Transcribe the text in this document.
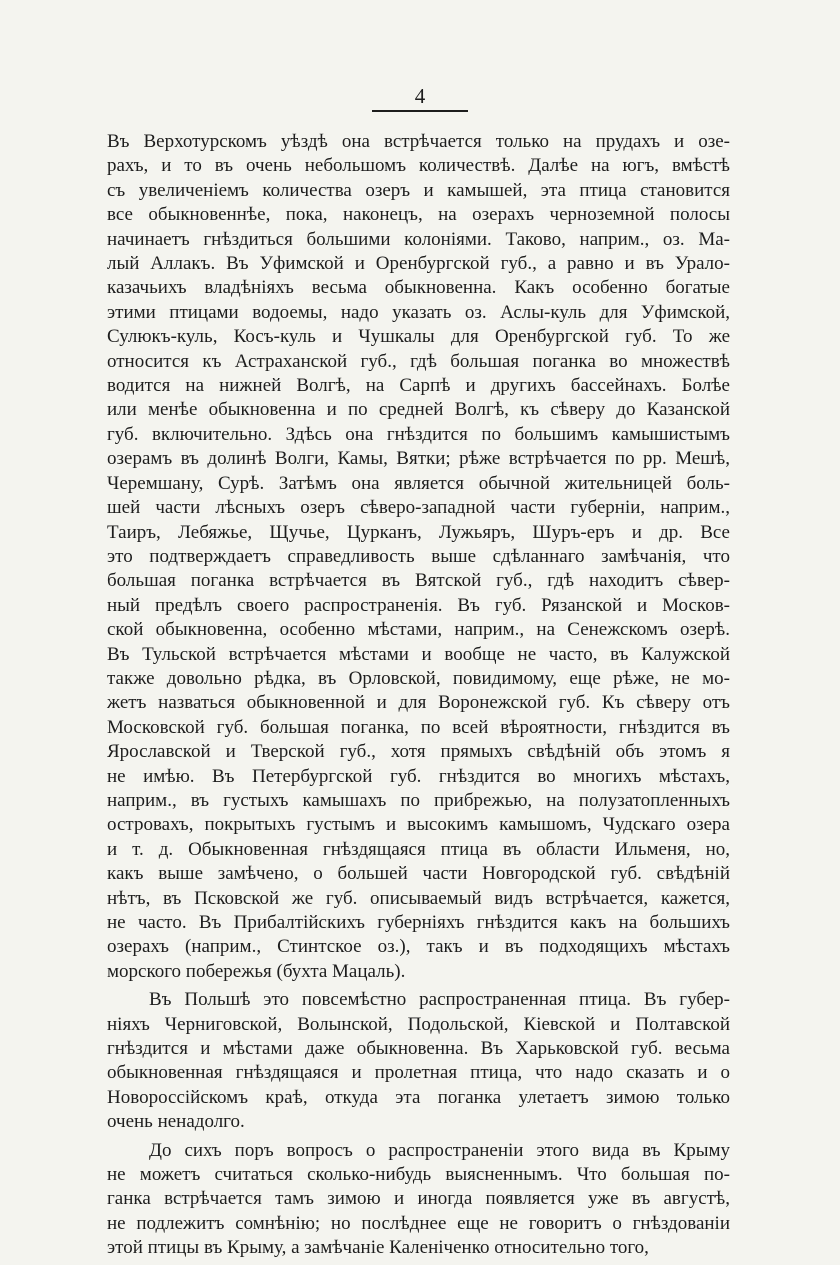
4
Въ Верхотурскомъ уѣздѣ она встрѣчается только на прудахъ и озе-
рахъ, и то въ очень небольшомъ количествѣ. Далѣе на югъ, вмѣстѣ
съ увеличеніемъ количества озеръ и камышей, эта птица становится
все обыкновеннѣе, пока, наконецъ, на озерахъ черноземной полосы
начинаетъ гнѣздиться большими колоніями. Таково, наприм., оз. Ма-
лый Аллакъ. Въ Уфимской и Оренбургской губ., а равно и въ Урало-
казачьихъ владѣніяхъ весьма обыкновенна. Какъ особенно богатые
этими птицами водоемы, надо указать оз. Аслы-куль для Уфимской,
Сулюкъ-куль, Косъ-куль и Чушкалы для Оренбургской губ. То же
относится къ Астраханской губ., гдѣ большая поганка во множествѣ
водится на нижней Волгѣ, на Сарпѣ и другихъ бассейнахъ. Болѣе
или менѣе обыкновенна и по средней Волгѣ, къ сѣверу до Казанской
губ. включительно. Здѣсь она гнѣздится по большимъ камышистымъ
озерамъ въ долинѣ Волги, Камы, Вятки; рѣже встрѣчается по рр. Мешѣ,
Черемшану, Сурѣ. Затѣмъ она является обычной жительницей боль-
шей части лѣсныхъ озеръ сѣверо-западной части губерніи, наприм.,
Таиръ, Лебяжье, Щучье, Цурканъ, Лужьяръ, Шуръ-еръ и др. Все
это подтверждаетъ справедливость выше сдѣланнаго замѣчанія, что
большая поганка встрѣчается въ Вятской губ., гдѣ находитъ сѣвер-
ный предѣлъ своего распространенія. Въ губ. Рязанской и Москов-
ской обыкновенна, особенно мѣстами, наприм., на Сенежскомъ озерѣ.
Въ Тульской встрѣчается мѣстами и вообще не часто, въ Калужской
также довольно рѣдка, въ Орловской, повидимому, еще рѣже, не мо-
жетъ назваться обыкновенной и для Воронежской губ. Къ сѣверу отъ
Московской губ. большая поганка, по всей вѣроятности, гнѣздится въ
Ярославской и Тверской губ., хотя прямыхъ свѣдѣній объ этомъ я
не имѣю. Въ Петербургской губ. гнѣздится во многихъ мѣстахъ,
наприм., въ густыхъ камышахъ по прибрежью, на полузатопленныхъ
островахъ, покрытыхъ густымъ и высокимъ камышомъ, Чудскаго озера
и т. д. Обыкновенная гнѣздящаяся птица въ области Ильменя, но,
какъ выше замѣчено, о большей части Новгородской губ. свѣдѣній
нѣтъ, въ Псковской же губ. описываемый видъ встрѣчается, кажется,
не часто. Въ Прибалтійскихъ губерніяхъ гнѣздится какъ на большихъ
озерахъ (наприм., Стинтское оз.), такъ и въ подходящихъ мѣстахъ
морского побережья (бухта Мацаль).
Въ Польшѣ это повсемѣстно распространенная птица. Въ губер-
ніяхъ Черниговской, Волынской, Подольской, Кіевской и Полтавской
гнѣздится и мѣстами даже обыкновенна. Въ Харьковской губ. весьма
обыкновенная гнѣздящаяся и пролетная птица, что надо сказать и о
Новороссійскомъ краѣ, откуда эта поганка улетаетъ зимою только
очень ненадолго.
До сихъ поръ вопросъ о распространеніи этого вида въ Крыму
не можетъ считаться сколько-нибудь выясненнымъ. Что большая по-
ганка встрѣчается тамъ зимою и иногда появляется уже въ августѣ,
не подлежитъ сомнѣнію; но послѣднее еще не говоритъ о гнѣздованіи
этой птицы въ Крыму, а замѣчаніе Каленіченко относительно того,
